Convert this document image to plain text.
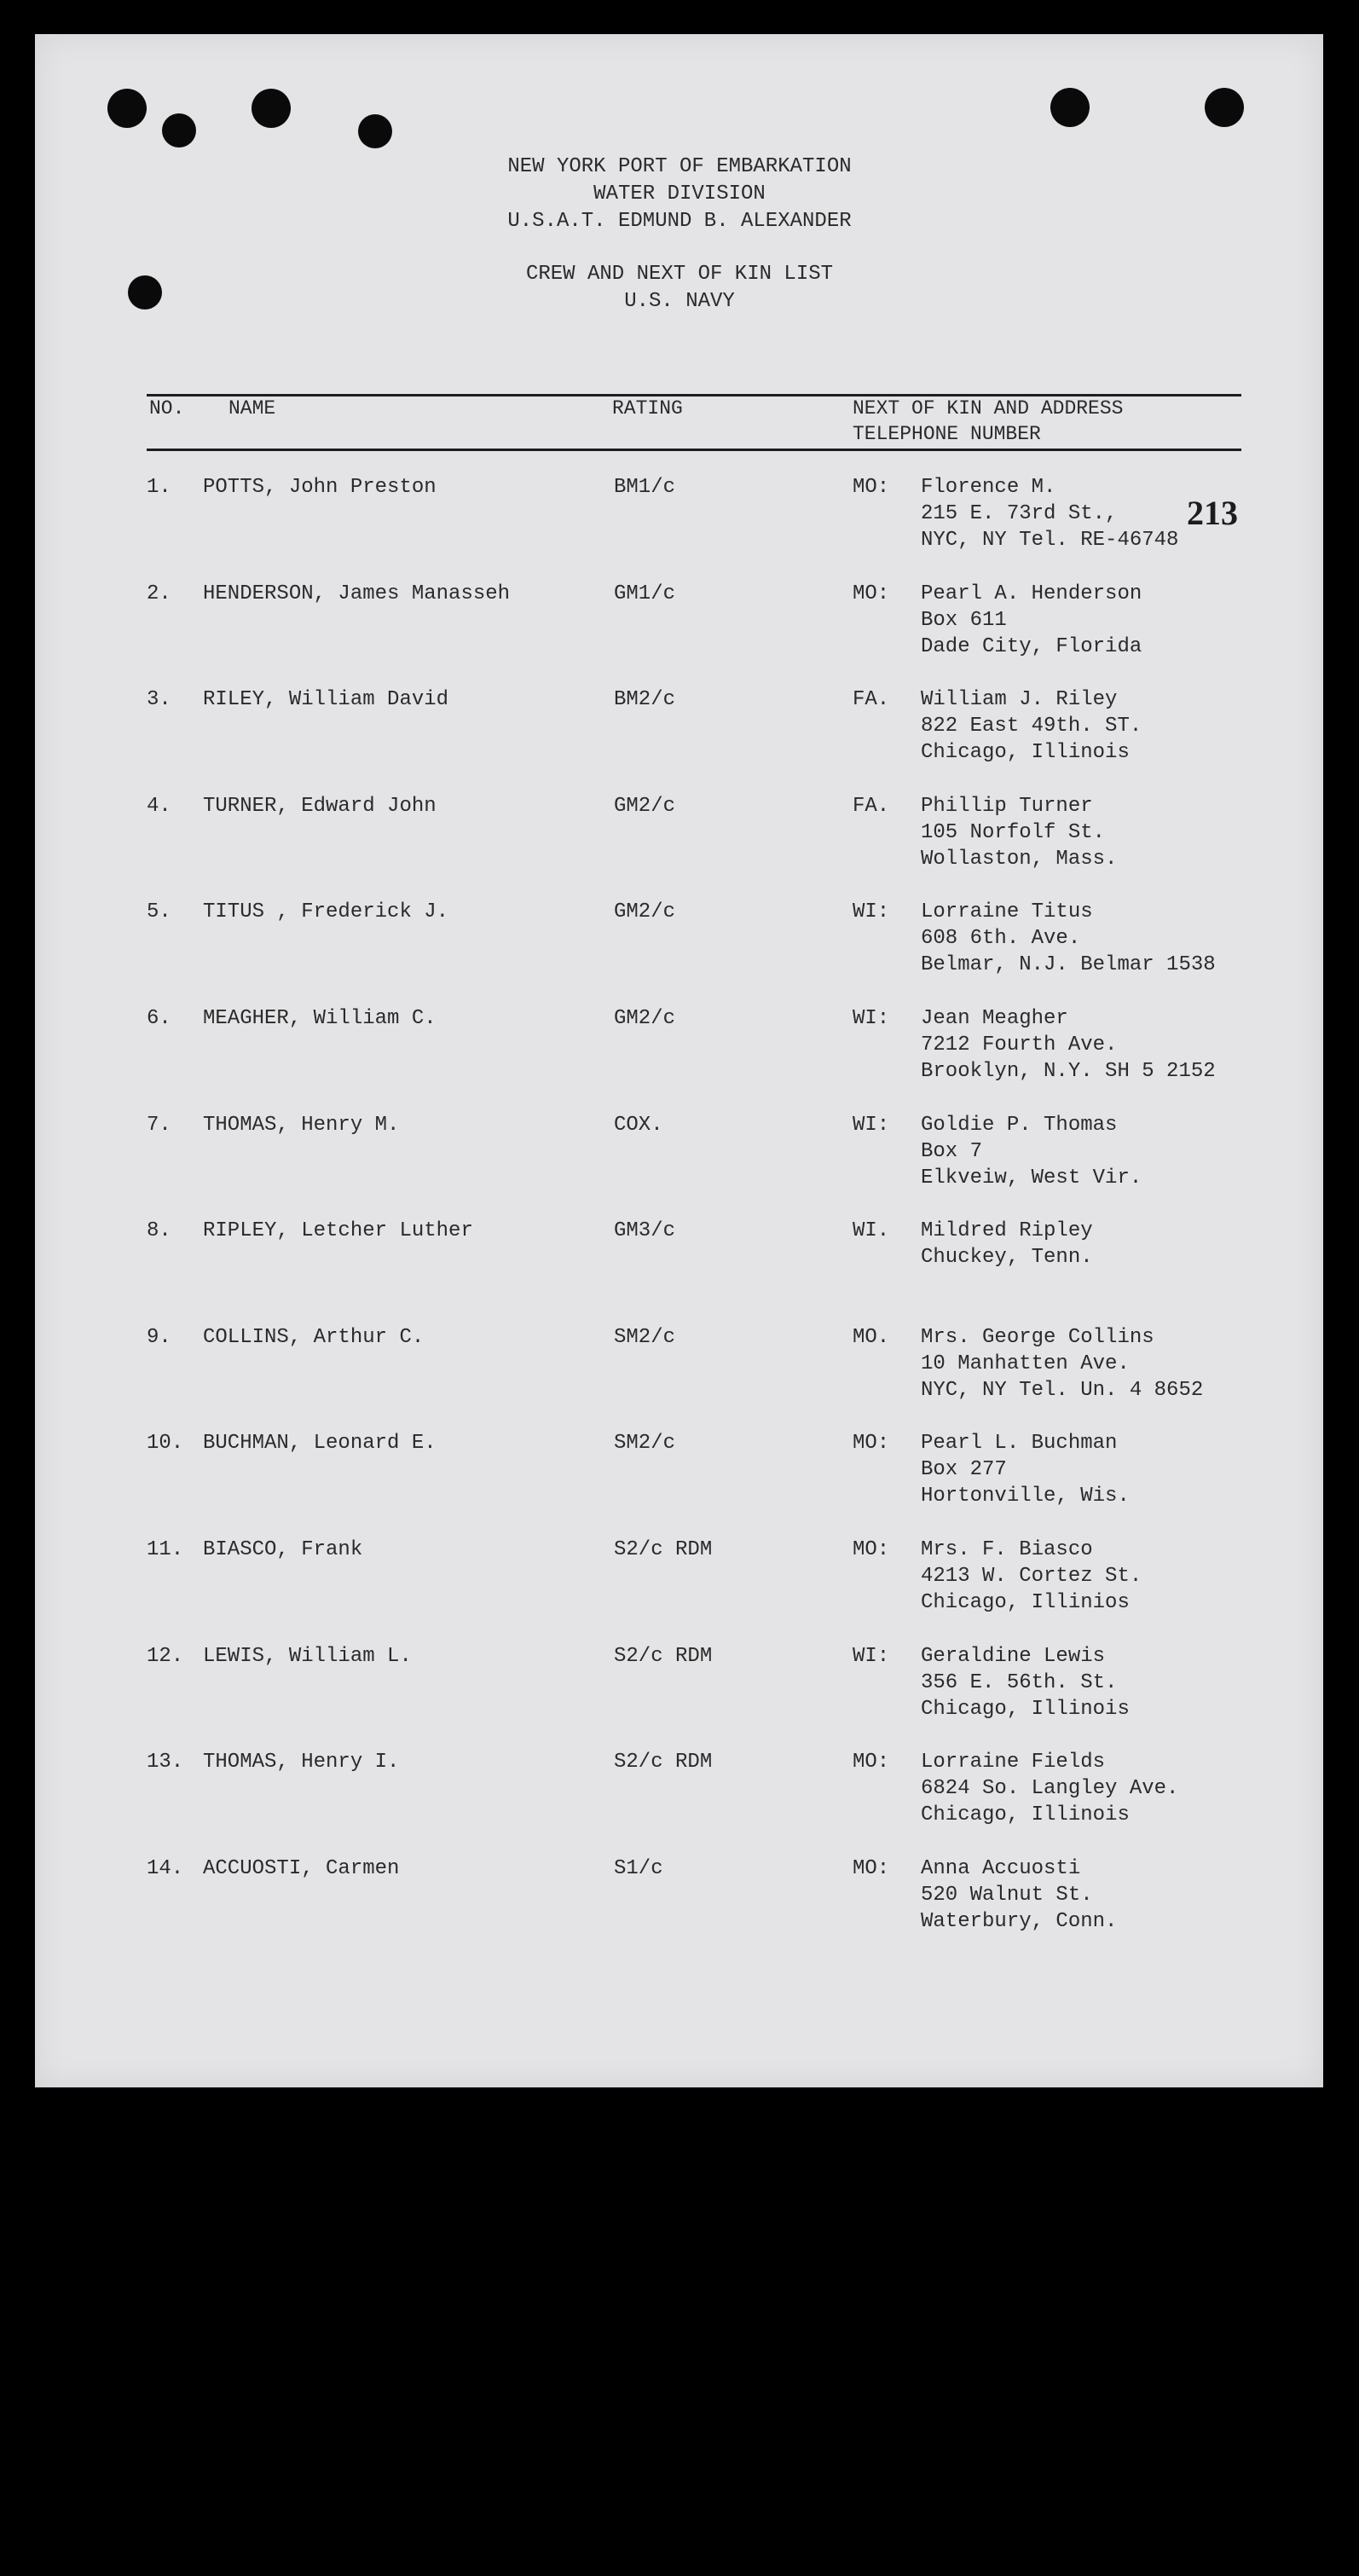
NEW YORK PORT OF EMBARKATION
WATER DIVISION
U.S.A.T. EDMUND B. ALEXANDER
CREW AND NEXT OF KIN LIST
U.S. NAVY
NO. NAME	RATING	NEXT OF KIN AND ADDRESS
TELEPHONE NUMBER
213
1. POTTS, John Preston	BM1/c	MO: Florence M.
215 E. 73rd St.,
NYC, NY Tel. RE-46748
2. HENDERSON, James Manasseh	GM1/c	MO: Pearl A. Henderson
Box 611
Dade City, Florida
3. RILEY, William David	BM2/c	FA. William J. Riley
822 East 49th. ST.
Chicago, Illinois
4. TURNER, Edward John	GM2/c	FA. Phillip Turner
105 Norfolf St.
Wollaston, Mass.
5. TITUS , Frederick J.	GM2/c	WI: Lorraine Titus
608 6th. Ave.
Belmar, N.J. Belmar 1538
6. MEAGHER, William C.	GM2/c	WI: Jean Meagher
7212 Fourth Ave.
Brooklyn, N.Y. SH 5 2152
7. THOMAS, Henry M.	COX.	WI: Goldie P. Thomas
Box 7
Elkveiw, West Vir.
8. RIPLEY, Letcher Luther	GM3/c	WI. Mildred Ripley
Chuckey, Tenn.
9. COLLINS, Arthur C.	SM2/c	MO. Mrs. George Collins
10 Manhatten Ave.
NYC, NY Tel. Un. 4 8652
10. BUCHMAN, Leonard E.	SM2/c	MO: Pearl L. Buchman
Box 277
Hortonville, Wis.
11. BIASCO, Frank	S2/c RDM	MO: Mrs. F. Biasco
4213 W. Cortez St.
Chicago, Illinios
12. LEWIS, William L.	S2/c RDM	WI: Geraldine Lewis
356 E. 56th. St.
Chicago, Illinois
13. THOMAS, Henry I.	S2/c RDM	MO: Lorraine Fields
6824 So. Langley Ave.
Chicago, Illinois
14. ACCUOSTI, Carmen	S1/c	MO: Anna Accuosti
520 Walnut St.
Waterbury, Conn.
